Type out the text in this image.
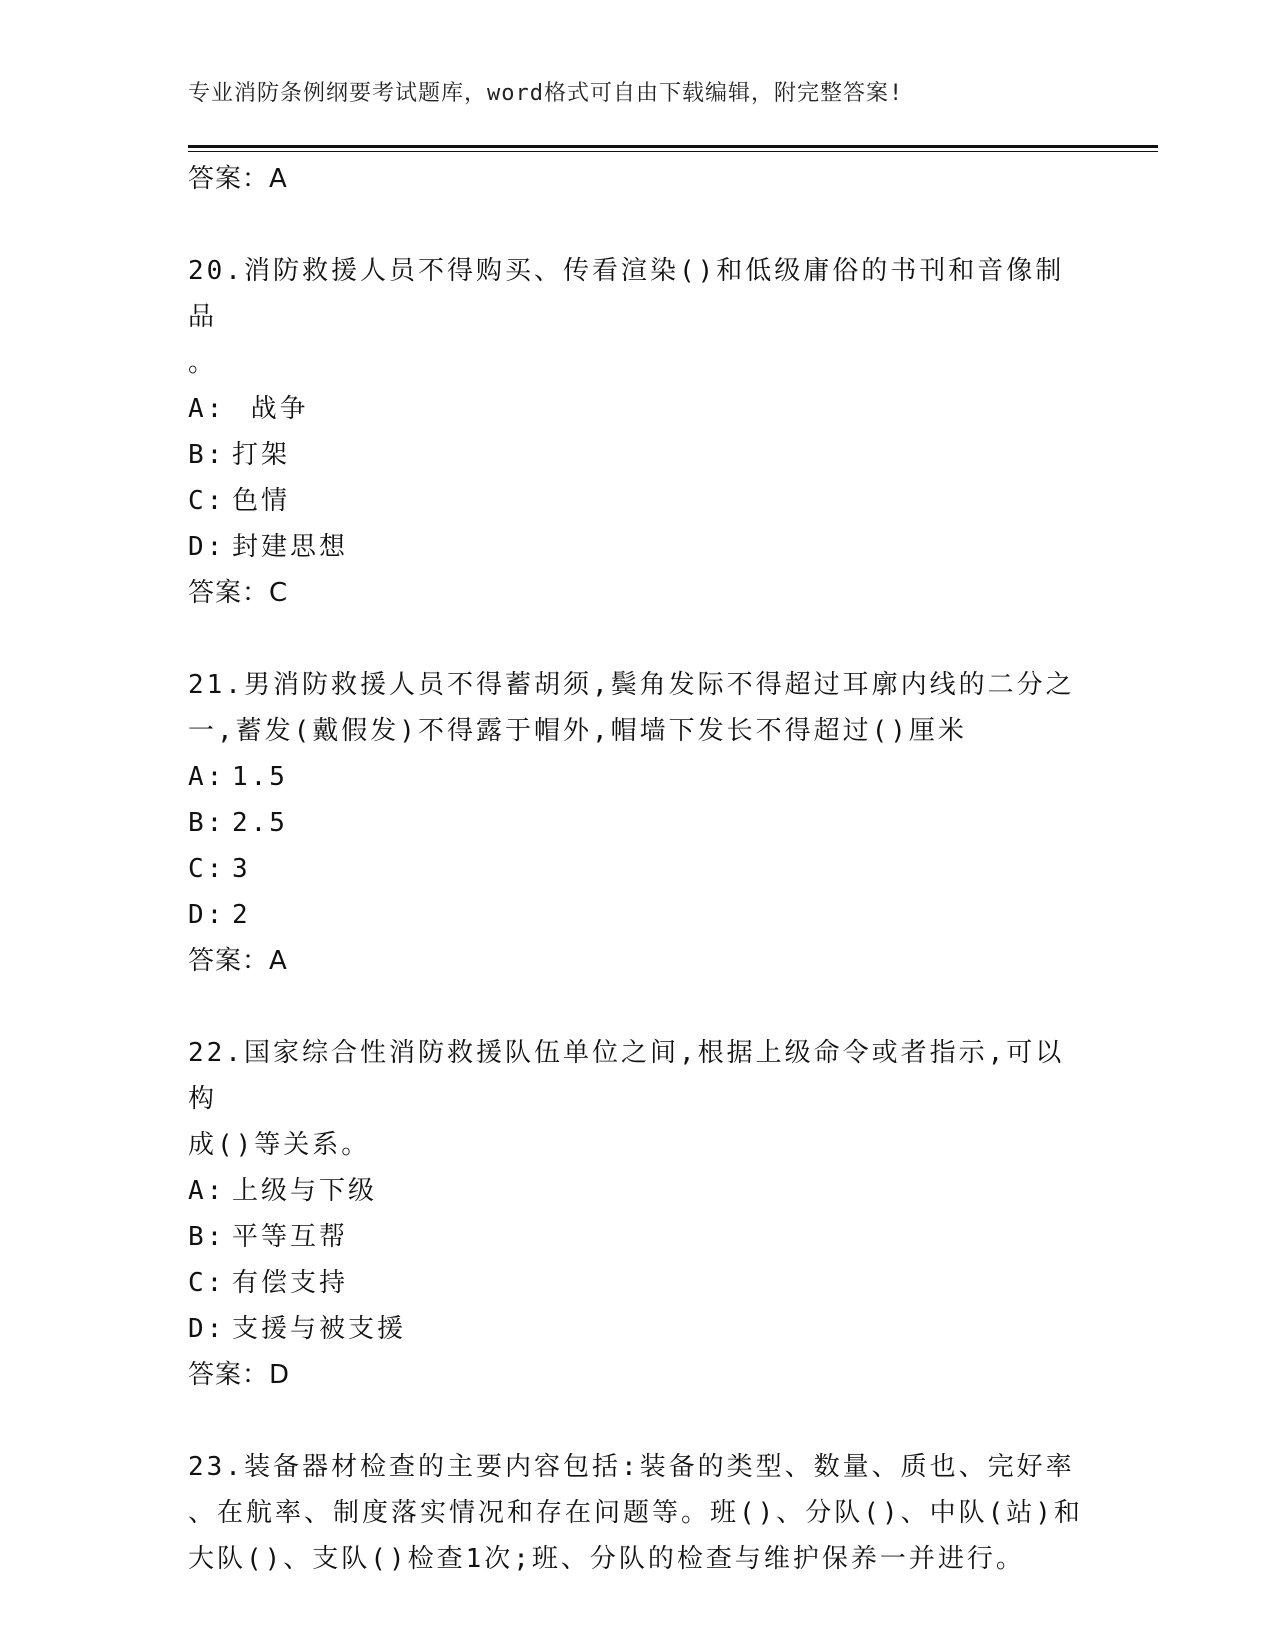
专业消防条例纲要考试题库，word格式可自由下载编辑，附完整答案!
答案：A
20.消防救援人员不得购买、传看渲染()和低级庸俗的书刊和音像制品
。
A: 战争
B: 打架
C: 色情
D: 封建思想
答案：C
21.男消防救援人员不得蓄胡须,鬓角发际不得超过耳廓内线的二分之
一,蓄发(戴假发)不得露于帽外,帽墙下发长不得超过()厘米
A: 1.5
B: 2.5
C: 3
D: 2
答案：A
22.国家综合性消防救援队伍单位之间,根据上级命令或者指示,可以构
成()等关系。
A: 上级与下级
B: 平等互帮
C: 有偿支持
D: 支援与被支援
答案：D
23.装备器材检查的主要内容包括:装备的类型、数量、质也、完好率
、在航率、制度落实情况和存在问题等。班()、分队()、中队(站)和
大队()、支队()检查1次;班、分队的检查与维护保养一并进行。
